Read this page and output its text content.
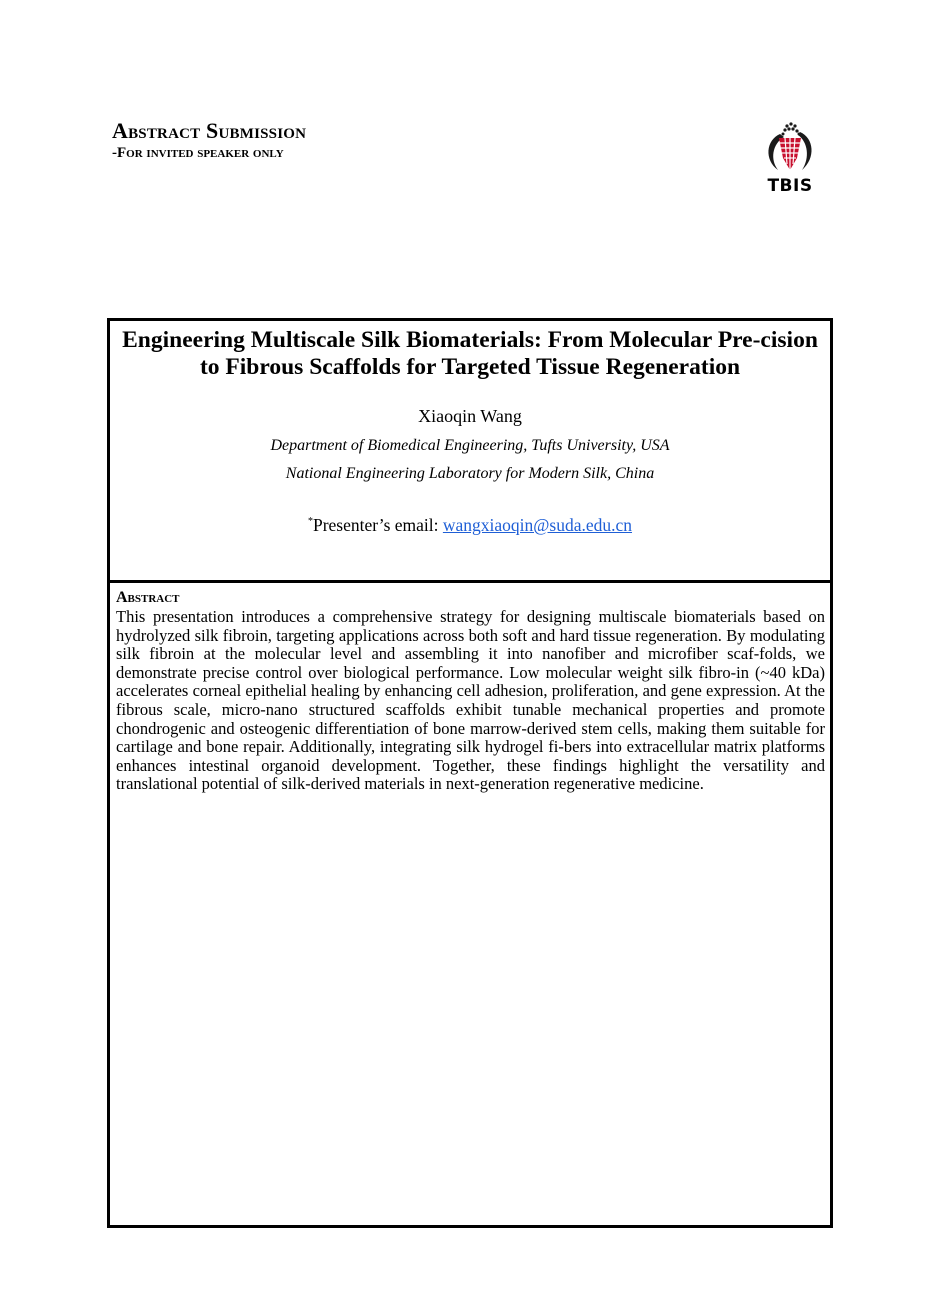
Abstract Submission
-For invited speaker only
TBIS
Engineering Multiscale Silk Biomaterials: From Molecular Pre-cision to Fibrous Scaffolds for Targeted Tissue Regeneration
Xiaoqin Wang
Department of Biomedical Engineering, Tufts University, USA
National Engineering Laboratory for Modern Silk, China
*Presenter’s email: wangxiaoqin@suda.edu.cn
Abstract

This presentation introduces a comprehensive strategy for designing multiscale biomaterials based on hydrolyzed silk fibroin, targeting applications across both soft and hard tissue regeneration. By modulating silk fibroin at the molecular level and assembling it into nanofiber and microfiber scaf-folds, we demonstrate precise control over biological performance. Low molecular weight silk fibro-in (~40 kDa) accelerates corneal epithelial healing by enhancing cell adhesion, proliferation, and gene expression. At the fibrous scale, micro-nano structured scaffolds exhibit tunable mechanical properties and promote chondrogenic and osteogenic differentiation of bone marrow-derived stem cells, making them suitable for cartilage and bone repair. Additionally, integrating silk hydrogel fi-bers into extracellular matrix platforms enhances intestinal organoid development. Together, these findings highlight the versatility and translational potential of silk-derived materials in next-generation regenerative medicine.
